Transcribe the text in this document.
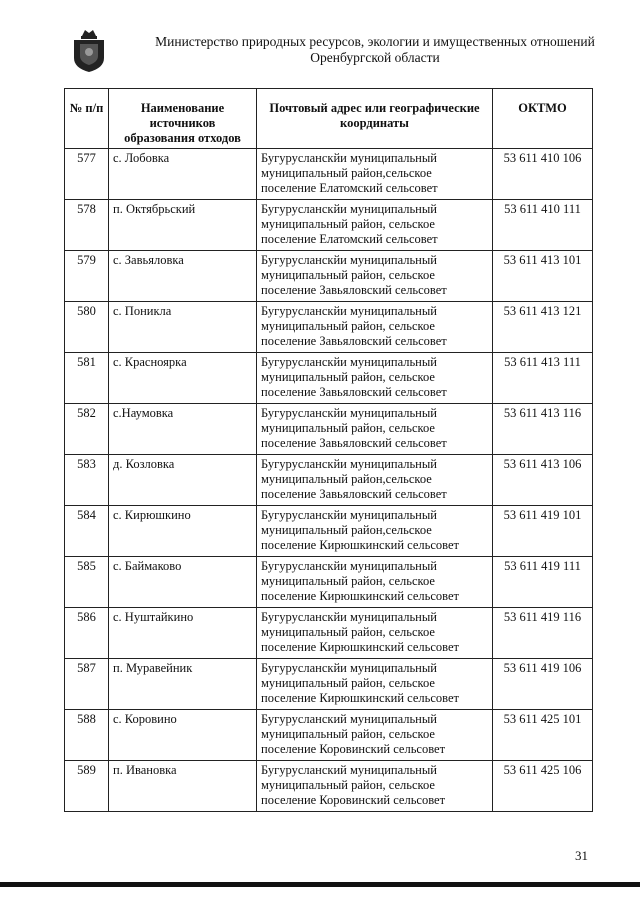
Министерство природных ресурсов, экологии и имущественных отношений
Оренбургской области
№ п/п	Наименование источников образования отходов	Почтовый адрес или географические координаты	ОКТМО
577	с. Лобовка	Бугурусланскйи муниципальный муниципальный район,сельское поселение Елатомский сельсовет	53 611 410 106
578	п. Октябрьский	Бугурусланскйи муниципальный муниципальный район, сельское поселение Елатомский сельсовет	53 611 410 111
579	с. Завьяловка	Бугурусланскйи муниципальный муниципальный район, сельское поселение Завьяловский сельсовет	53 611 413 101
580	с. Поникла	Бугурусланскйи муниципальный муниципальный район, сельское поселение Завьяловский сельсовет	53 611 413 121
581	с. Красноярка	Бугурусланскйи муниципальный муниципальный район, сельское поселение Завьяловский сельсовет	53 611 413 111
582	с.Наумовка	Бугурусланскйи муниципальный муниципальный район, сельское поселение Завьяловский сельсовет	53 611 413 116
583	д. Козловка	Бугурусланскйи муниципальный муниципальный район,сельское поселение Завьяловский сельсовет	53 611 413 106
584	с. Кирюшкино	Бугурусланскйи муниципальный муниципальный район,сельское поселение Кирюшкинский сельсовет	53 611 419 101
585	с. Баймаково	Бугурусланскйи муниципальный муниципальный район, сельское поселение Кирюшкинский сельсовет	53 611 419 111
586	с. Нуштайкино	Бугурусланскйи муниципальный муниципальный район, сельское поселение Кирюшкинский сельсовет	53 611 419 116
587	п. Муравейник	Бугурусланскйи муниципальный муниципальный район, сельское поселение Кирюшкинский сельсовет	53 611 419 106
588	с. Коровино	Бугурусланский муниципальный муниципальный район, сельское поселение Коровинский сельсовет	53 611 425 101
589	п. Ивановка	Бугурусланский муниципальный муниципальный район, сельское поселение Коровинский сельсовет	53 611 425 106
31
